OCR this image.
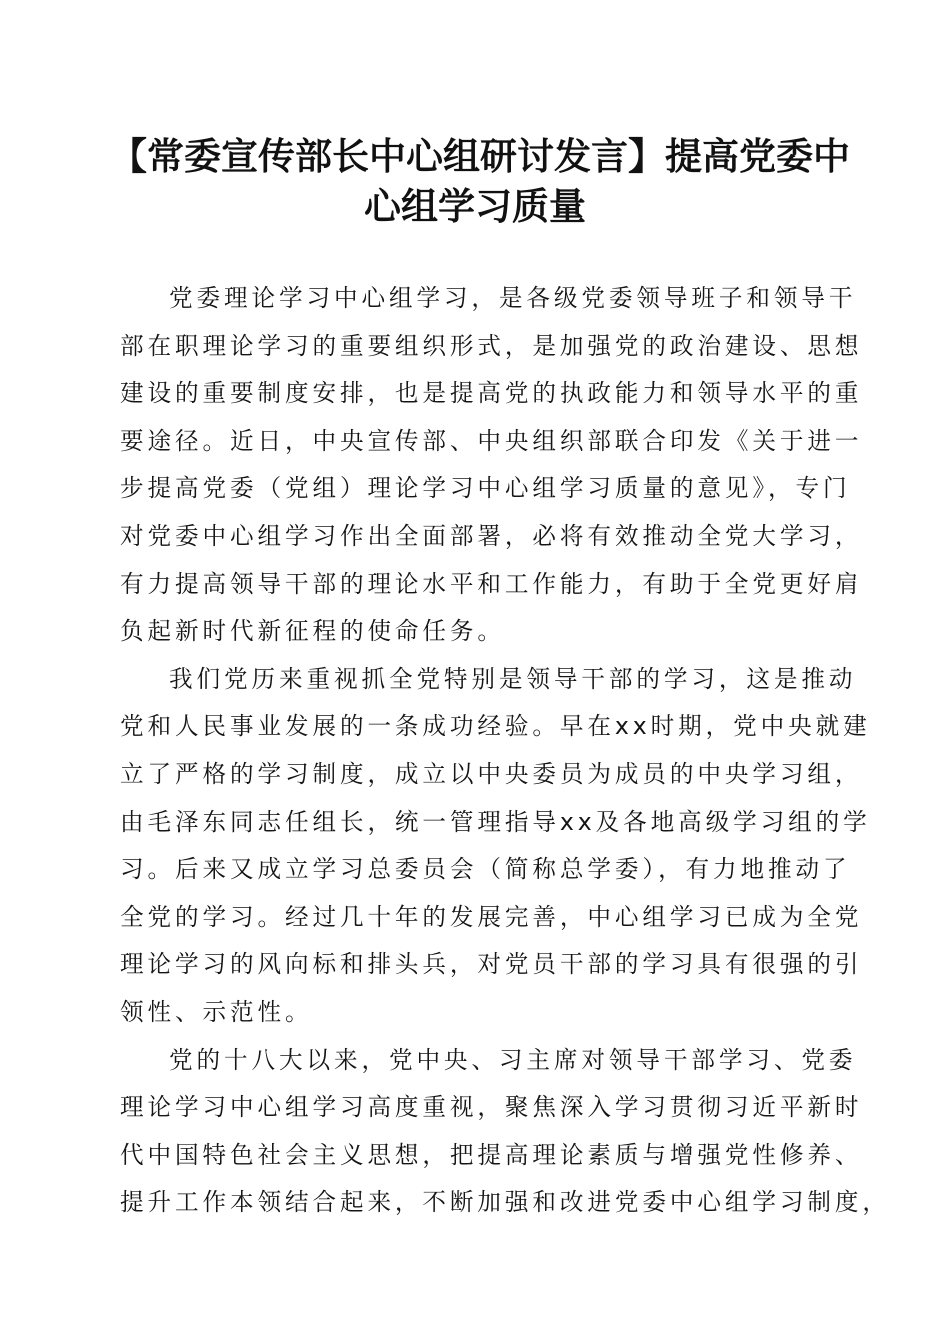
【常委宣传部长中心组研讨发言】提高党委中
心组学习质量
党委理论学习中心组学习，是各级党委领导班子和领导干
部在职理论学习的重要组织形式，是加强党的政治建设、思想
建设的重要制度安排，也是提高党的执政能力和领导水平的重
要途径。近日，中央宣传部、中央组织部联合印发《关于进一
步提高党委（党组）理论学习中心组学习质量的意见》，专门
对党委中心组学习作出全面部署，必将有效推动全党大学习，
有力提高领导干部的理论水平和工作能力，有助于全党更好肩
负起新时代新征程的使命任务。
我们党历来重视抓全党特别是领导干部的学习，这是推动
党和人民事业发展的一条成功经验。早在xx时期，党中央就建
立了严格的学习制度，成立以中央委员为成员的中央学习组，
由毛泽东同志任组长，统一管理指导xx及各地高级学习组的学
习。后来又成立学习总委员会（简称总学委），有力地推动了
全党的学习。经过几十年的发展完善，中心组学习已成为全党
理论学习的风向标和排头兵，对党员干部的学习具有很强的引
领性、示范性。
党的十八大以来，党中央、习主席对领导干部学习、党委
理论学习中心组学习高度重视，聚焦深入学习贯彻习近平新时
代中国特色社会主义思想，把提高理论素质与增强党性修养、
提升工作本领结合起来，不断加强和改进党委中心组学习制度，
